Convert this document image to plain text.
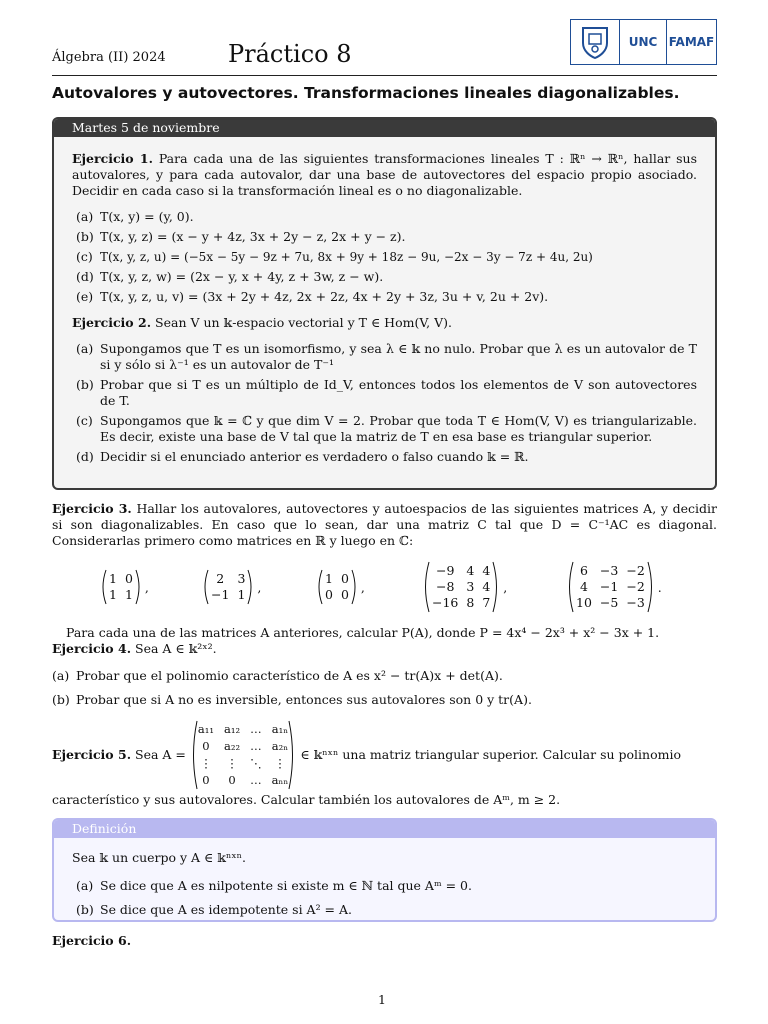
Álgebra (II) 2024	Práctico 8	UNC FAMAF
Autovalores y autovectores. Transformaciones lineales diagonalizables.
Martes 5 de noviembre
Ejercicio 1. Para cada una de las siguientes transformaciones lineales T : ℝⁿ → ℝⁿ, hallar sus autovalores, y para cada autovalor, dar una base de autovectores del espacio propio asociado. Decidir en cada caso si la transformación lineal es o no diagonalizable.
(a) T(x, y) = (y, 0).
(b) T(x, y, z) = (x − y + 4z, 3x + 2y − z, 2x + y − z).
(c) T(x, y, z, u) = (−5x − 5y − 9z + 7u, 8x + 9y + 18z − 9u, −2x − 3y − 7z + 4u, 2u)
(d) T(x, y, z, w) = (2x − y, x + 4y, z + 3w, z − w).
(e) T(x, y, z, u, v) = (3x + 2y + 4z, 2x + 2z, 4x + 2y + 3z, 3u + v, 2u + 2v).
Ejercicio 2. Sean V un 𝕜-espacio vectorial y T ∈ Hom(V, V).
(a) Supongamos que T es un isomorfismo, y sea λ ∈ 𝕜 no nulo. Probar que λ es un autovalor de T si y sólo si λ⁻¹ es un autovalor de T⁻¹
(b) Probar que si T es un múltiplo de Id_V, entonces todos los elementos de V son autovectores de T.
(c) Supongamos que 𝕜 = ℂ y que dim V = 2. Probar que toda T ∈ Hom(V, V) es triangularizable. Es decir, existe una base de V tal que la matriz de T en esa base es triangular superior.
(d) Decidir si el enunciado anterior es verdadero o falso cuando 𝕜 = ℝ.
Ejercicio 3. Hallar los autovalores, autovectores y autoespacios de las siguientes matrices A, y decidir si son diagonalizables. En caso que lo sean, dar una matriz C tal que D = C⁻¹AC es diagonal. Considerarlas primero como matrices en ℝ y luego en ℂ:
1 0
1 1 ,
2	3
−1 1 ,
1 0
0 0 ,
−9 4 4
−8 3 4
−16 8 7
,
6 −3 −2
4 −1 −2
10 −5 −3
.
Para cada una de las matrices A anteriores, calcular P(A), donde P = 4x⁴ − 2x³ + x² − 3x + 1.
Ejercicio 4. Sea A ∈ 𝕜²ˣ².
(a) Probar que el polinomio característico de A es x² − tr(A)x + det(A).
(b) Probar que si A no es inversible, entonces sus autovalores son 0 y tr(A).
Ejercicio 5. Sea A =
a₁₁ a₁₂ … a₁ₙ
0	a₂₂ … a₂ₙ
⋮ ⋮ ⋱ ⋮
0	0	… aₙₙ
∈ 𝕜ⁿˣⁿ una matriz triangular superior. Calcular su polinomio
característico y sus autovalores. Calcular también los autovalores de Aᵐ, m ≥ 2.
Definición
Sea 𝕜 un cuerpo y A ∈ 𝕜ⁿˣⁿ.
(a) Se dice que A es nilpotente si existe m ∈ ℕ tal que Aᵐ = 0.
(b) Se dice que A es idempotente si A² = A.
Ejercicio 6.
1
